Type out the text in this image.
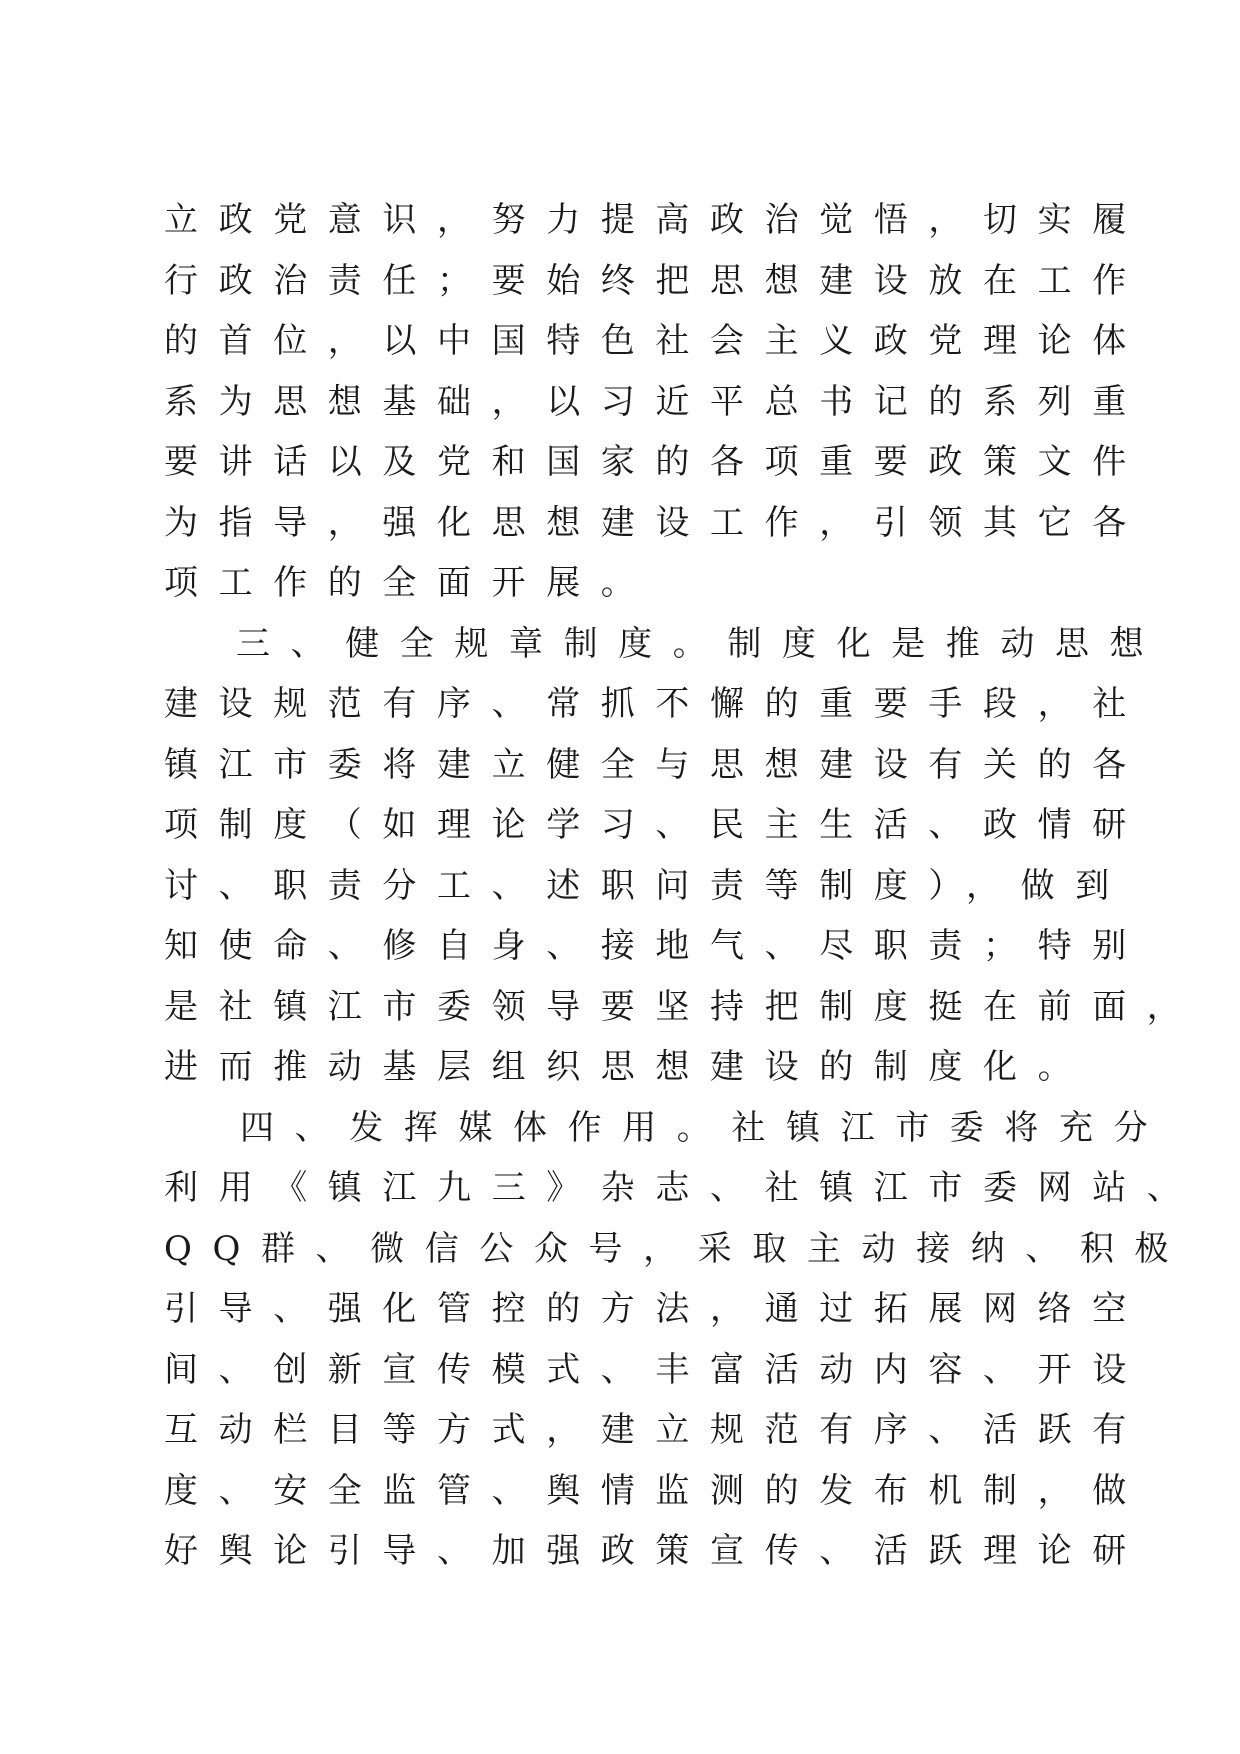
立政党意识，努力提高政治觉悟，切实履
行政治责任；要始终把思想建设放在工作
的首位，以中国特色社会主义政党理论体
系为思想基础，以习近平总书记的系列重
要讲话以及党和国家的各项重要政策文件
为指导，强化思想建设工作，引领其它各
项工作的全面开展。
三、健全规章制度。制度化是推动思想
建设规范有序、常抓不懈的重要手段，社
镇江市委将建立健全与思想建设有关的各
项制度（如理论学习、民主生活、政情研
讨、职责分工、述职问责等制度），做到
知使命、修自身、接地气、尽职责；特别
是社镇江市委领导要坚持把制度挺在前面，
进而推动基层组织思想建设的制度化。
四、发挥媒体作用。社镇江市委将充分
利用《镇江九三》杂志、社镇江市委网站、
QQ群、微信公众号，采取主动接纳、积极
引导、强化管控的方法，通过拓展网络空
间、创新宣传模式、丰富活动内容、开设
互动栏目等方式，建立规范有序、活跃有
度、安全监管、舆情监测的发布机制，做
好舆论引导、加强政策宣传、活跃理论研
